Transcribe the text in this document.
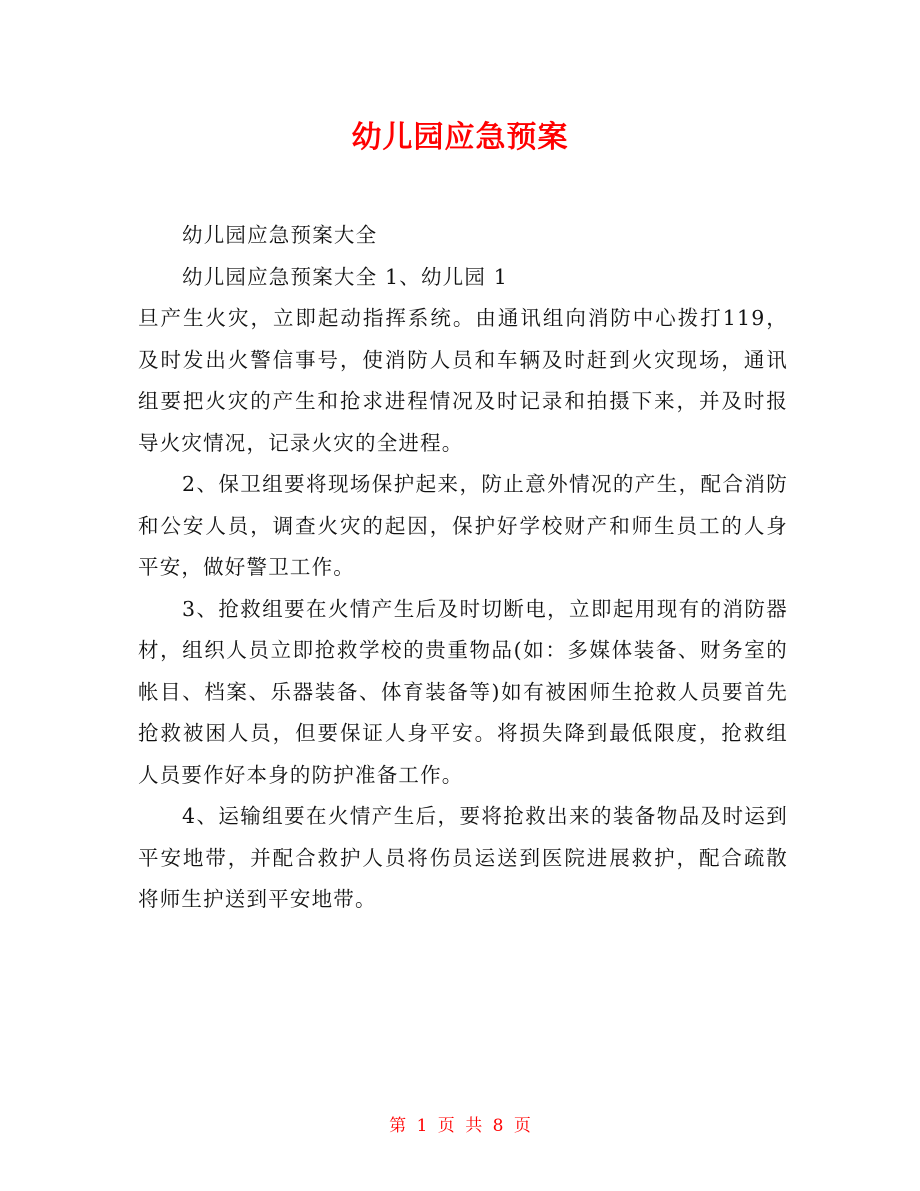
幼儿园应急预案

幼儿园应急预案大全

幼儿园应急预案大全 1、幼儿园 1

旦产生火灾，立即起动指挥系统。由通讯组向消防中心拨打119，及时发出火警信事号，使消防人员和车辆及时赶到火灾现场，通讯组要把火灾的产生和抢求进程情况及时记录和拍摄下来，并及时报导火灾情况，记录火灾的全进程。

2、保卫组要将现场保护起来，防止意外情况的产生，配合消防和公安人员，调查火灾的起因，保护好学校财产和师生员工的人身平安，做好警卫工作。

3、抢救组要在火情产生后及时切断电，立即起用现有的消防器材，组织人员立即抢救学校的贵重物品(如：多媒体装备、财务室的帐目、档案、乐器装备、体育装备等)如有被困师生抢救人员要首先抢救被困人员，但要保证人身平安。将损失降到最低限度，抢救组人员要作好本身的防护准备工作。

4、运输组要在火情产生后，要将抢救出来的装备物品及时运到平安地带，并配合救护人员将伤员运送到医院进展救护，配合疏散将师生护送到平安地带。

第 1 页 共 8 页
